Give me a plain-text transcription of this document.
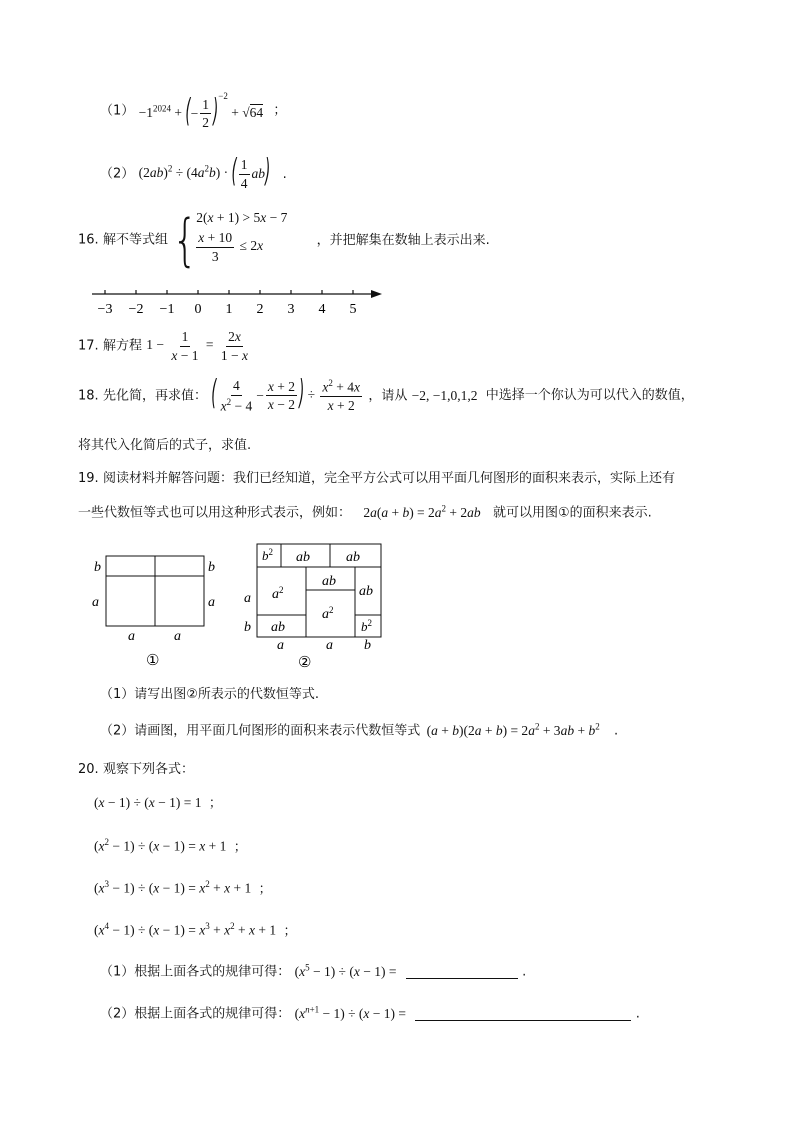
$(1) -1^{2024}$ + ( − $\frac{1}{2}$ ) $^{-2}$ + √64 ；
（2） $(2ab)^2 \div (4a^2b)$ · ( $\frac{1}{4}$ ab ) .
16. 解不等式组 {
2(x + 1) > 5x − 7
$\frac{x + 10}{3} \le 2x$	，并把解集在数轴上表示出来.
−3 −2 −1 0 1 2 3 4 5
17. 解方程 $1 - \frac{1}{x - 1} = \frac{2x}{1 - x}$
18. 先化简，再求值： ( $\frac{4}{x^2 - 4} - \frac{x + 2}{x - 2}$ ) ÷ $\frac{x^2 + 4x}{x + 2}$ ，请从 −2, −1,0,1,2 中选择一个你认为可以代入的数值，
将其代入化简后的式子，求值.
19. 阅读材料并解答问题：我们已经知道，完全平方公式可以用平面几何图形的面积来表示，实际上还有
一些代数恒等式也可以用这种形式表示，例如： $2a(a + b) = 2a^2 + 2ab$ 就可以用图①的面积来表示.
b	b
a	a
a	a
①
$b^2$ ab	ab
ab
ab
$a^2$
$a^2$
ab	$b^2$
a
b
a	a b
②
（1）请写出图②所表示的代数恒等式.
（2）请画图，用平面几何图形的面积来表示代数恒等式 $(a + b)(2a + b) = 2a^2 + 3ab + b^2$ .
20. 观察下列各式：
(x − 1) ÷ (x − 1) = 1 ；
$(x^2 - 1) \div (x - 1) = x + 1$ ；
$(x^3 - 1) \div (x - 1) = x^2 + x + 1$ ；
$(x^4 - 1) \div (x - 1) = x^3 + x^2 + x + 1$ ；
（1）根据上面各式的规律可得： $(x^5 - 1) \div (x - 1)$ =	.
（2）根据上面各式的规律可得： $(x^{n+1} - 1) \div (x - 1)$ =	.
